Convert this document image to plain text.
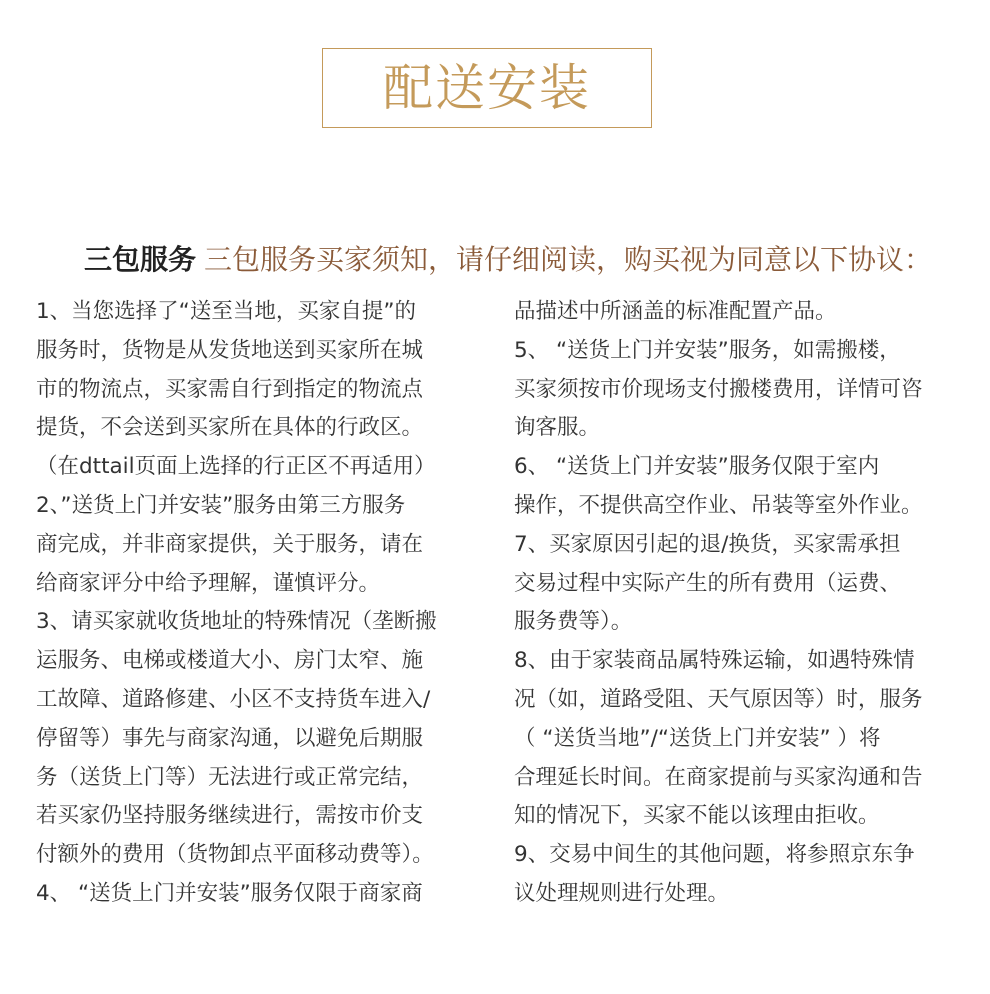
配送安装
三包服务 三包服务买家须知，请仔细阅读，购买视为同意以下协议：
1、当您选择了“送至当地，买家自提”的
服务时，货物是从发货地送到买家所在城
市的物流点，买家需自行到指定的物流点
提货，不会送到买家所在具体的行政区。
（在dttail页面上选择的行正区不再适用）
2、”送货上门并安装”服务由第三方服务
商完成，并非商家提供，关于服务，请在
给商家评分中给予理解，谨慎评分。
3、请买家就收货地址的特殊情况（垄断搬
运服务、电梯或楼道大小、房门太窄、施
工故障、道路修建、小区不支持货车进入/
停留等）事先与商家沟通，以避免后期服
务（送货上门等）无法进行或正常完结，
若买家仍坚持服务继续进行，需按市价支
付额外的费用（货物卸点平面移动费等）。
4、 “送货上门并安装”服务仅限于商家商
品描述中所涵盖的标准配置产品。
5、 “送货上门并安装”服务，如需搬楼，
买家须按市价现场支付搬楼费用，详情可咨
询客服。
6、 “送货上门并安装”服务仅限于室内
操作，不提供高空作业、吊装等室外作业。
7、买家原因引起的退/换货，买家需承担
交易过程中实际产生的所有费用（运费、
服务费等）。
8、由于家装商品属特殊运输，如遇特殊情
况（如，道路受阻、天气原因等）时，服务
（ “送货当地”/“送货上门并安装” ）将
合理延长时间。在商家提前与买家沟通和告
知的情况下，买家不能以该理由拒收。
9、交易中间生的其他问题，将参照京东争
议处理规则进行处理。
